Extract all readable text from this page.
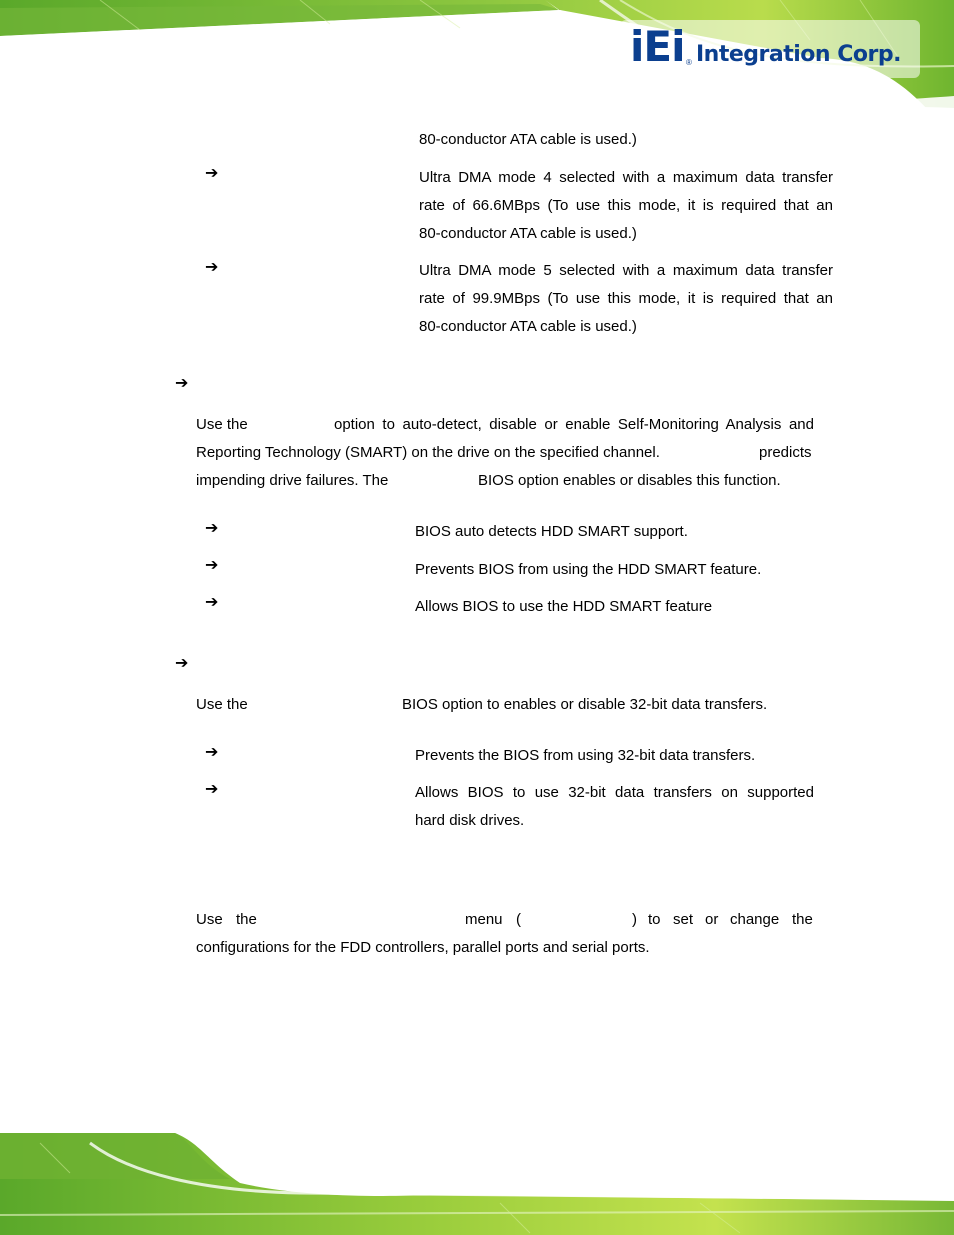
iEi ® Integration Corp.
80-conductor ATA cable is used.)
➔	Ultra DMA mode 4 selected with a maximum data transfer
rate of 66.6MBps (To use this mode, it is required that an
80-conductor ATA cable is used.)
➔	Ultra DMA mode 5 selected with a maximum data transfer
rate of 99.9MBps (To use this mode, it is required that an
80-conductor ATA cable is used.)
➔
Use the	option to auto-detect, disable or enable Self-Monitoring Analysis and
Reporting Technology (SMART) on the drive on the specified channel.	predicts
impending drive failures. The	BIOS option enables or disables this function.
➔	BIOS auto detects HDD SMART support.
➔	Prevents BIOS from using the HDD SMART feature.
➔	Allows BIOS to use the HDD SMART feature
➔
Use the	BIOS option to enables or disable 32-bit data transfers.
➔	Prevents the BIOS from using 32-bit data transfers.
➔	Allows BIOS to use 32-bit data transfers on supported
hard disk drives.
Use the	menu (	) to set or change the
configurations for the FDD controllers, parallel ports and serial ports.
